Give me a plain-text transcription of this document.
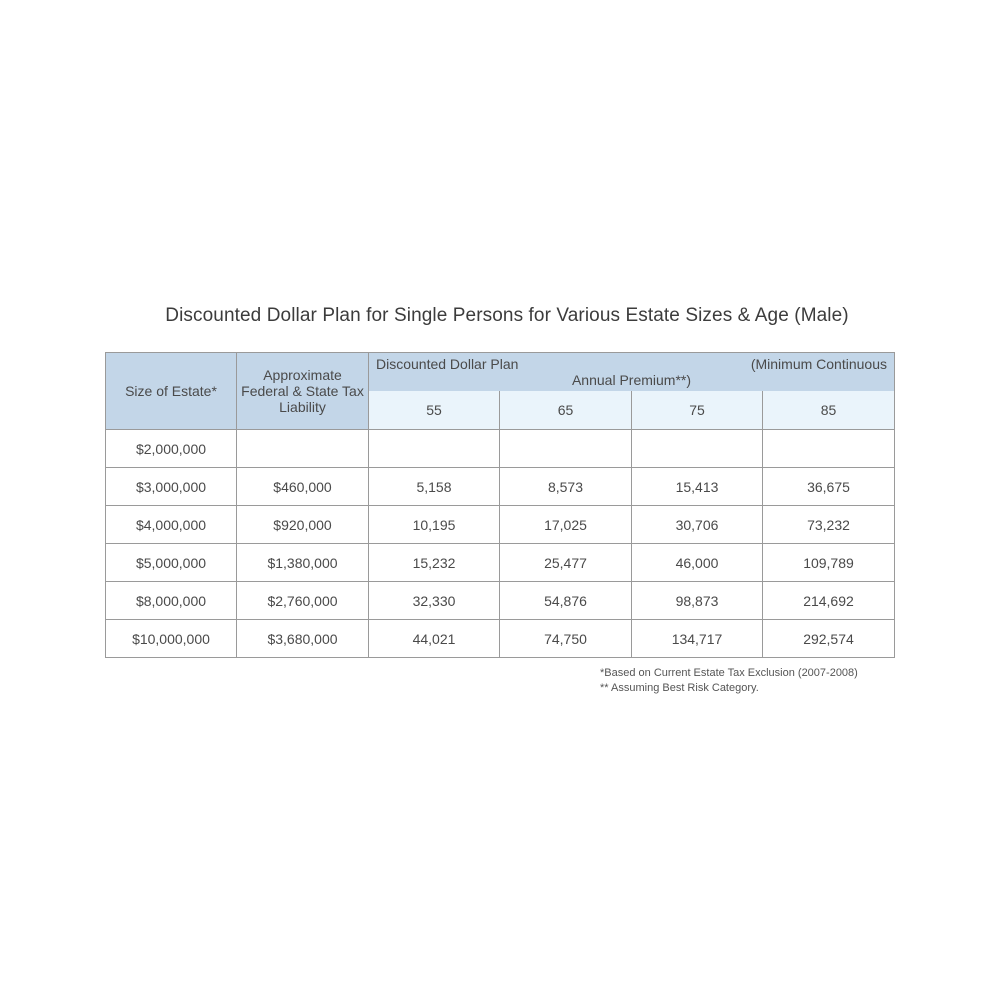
Discounted Dollar Plan for Single Persons for Various Estate Sizes & Age (Male)
Size of Estate*	Approximate Federal & State Tax Liability	Discounted Dollar Plan (Minimum Continuous
Annual Premium**)			

		55	65	75	85
$2,000,000					
$3,000,000	$460,000	5,158	8,573	15,413	36,675
$4,000,000	$920,000	10,195	17,025	30,706	73,232
$5,000,000	$1,380,000	15,232	25,477	46,000	109,789
$8,000,000	$2,760,000	32,330	54,876	98,873	214,692
$10,000,000	$3,680,000	44,021	74,750	134,717	292,574
*Based on Current Estate Tax Exclusion (2007-2008)
** Assuming Best Risk Category.
